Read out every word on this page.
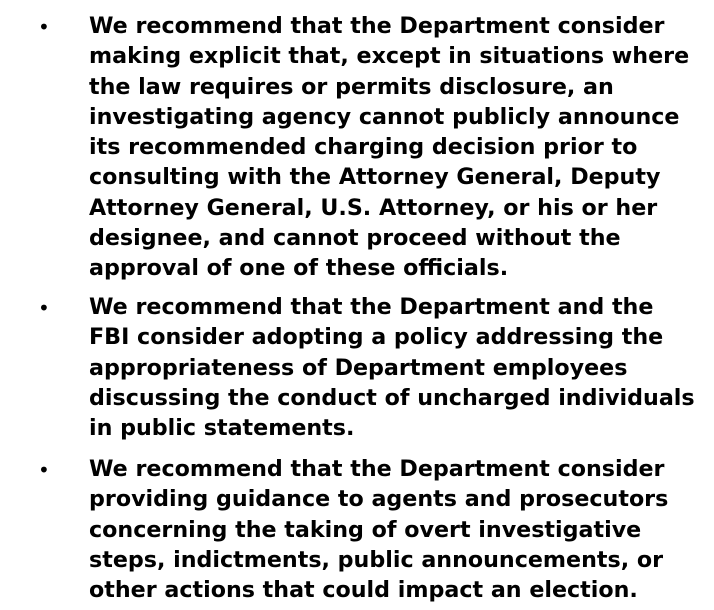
• We recommend that the Department consider
making explicit that, except in situations where
the law requires or permits disclosure, an
investigating agency cannot publicly announce
its recommended charging decision prior to
consulting with the Attorney General, Deputy
Attorney General, U.S. Attorney, or his or her
designee, and cannot proceed without the
approval of one of these officials.

• We recommend that the Department and the
FBI consider adopting a policy addressing the
appropriateness of Department employees
discussing the conduct of uncharged individuals
in public statements.

• We recommend that the Department consider
providing guidance to agents and prosecutors
concerning the taking of overt investigative
steps, indictments, public announcements, or
other actions that could impact an election.
